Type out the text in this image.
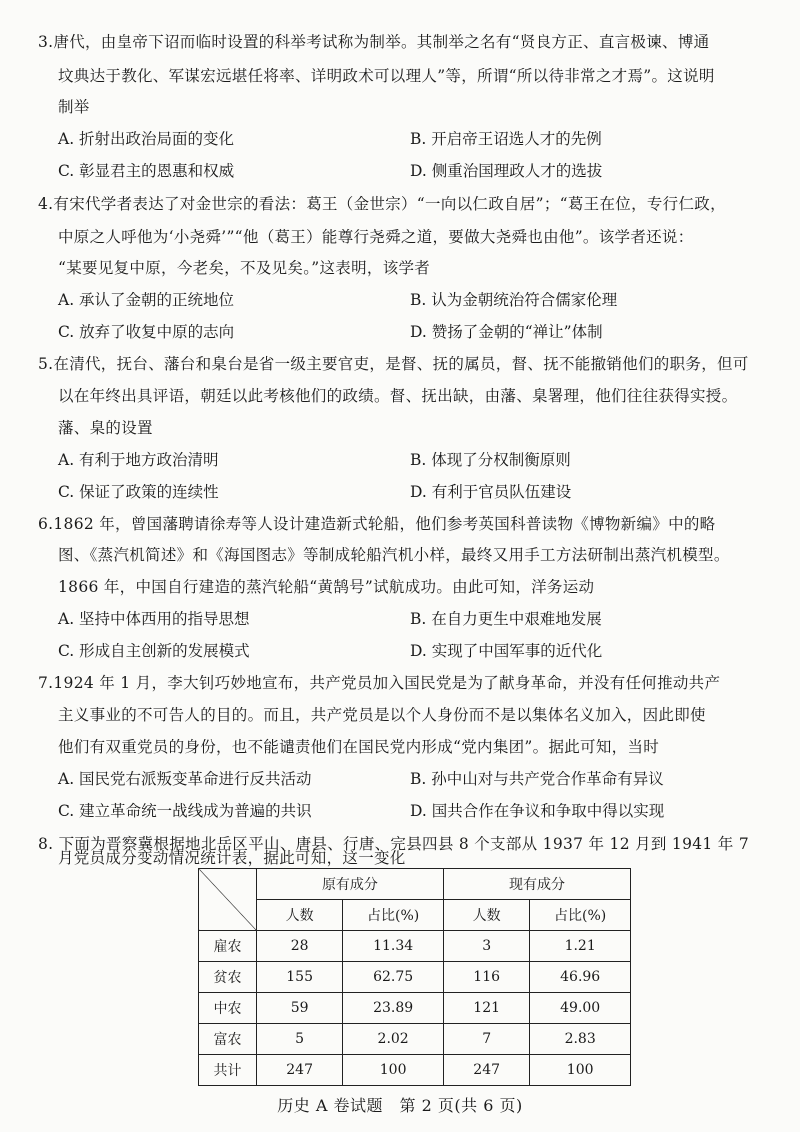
3.唐代，由皇帝下诏而临时设置的科举考试称为制举。其制举之名有“贤良方正、直言极谏、博通
坟典达于教化、军谋宏远堪任将率、详明政术可以理人”等，所谓“所以待非常之才焉”。这说明
制举
A. 折射出政治局面的变化	B. 开启帝王诏选人才的先例
C. 彰显君主的恩惠和权威	D. 侧重治国理政人才的选拔
4.有宋代学者表达了对金世宗的看法：葛王（金世宗）“一向以仁政自居”；“葛王在位，专行仁政，
中原之人呼他为‘小尧舜’”“他（葛王）能尊行尧舜之道，要做大尧舜也由他”。该学者还说：
“某要见复中原，今老矣，不及见矣。”这表明，该学者
A. 承认了金朝的正统地位	B. 认为金朝统治符合儒家伦理
C. 放弃了收复中原的志向	D. 赞扬了金朝的“禅让”体制
5.在清代，抚台、藩台和臬台是省一级主要官吏，是督、抚的属员，督、抚不能撤销他们的职务，但可
以在年终出具评语，朝廷以此考核他们的政绩。督、抚出缺，由藩、臬署理，他们往往获得实授。
藩、臬的设置
A. 有利于地方政治清明	B. 体现了分权制衡原则
C. 保证了政策的连续性	D. 有利于官员队伍建设
6.1862 年，曾国藩聘请徐寿等人设计建造新式轮船，他们参考英国科普读物《博物新编》中的略
图、《蒸汽机简述》和《海国图志》等制成轮船汽机小样，最终又用手工方法研制出蒸汽机模型。
1866 年，中国自行建造的蒸汽轮船“黄鹄号”试航成功。由此可知，洋务运动
A. 坚持中体西用的指导思想	B. 在自力更生中艰难地发展
C. 形成自主创新的发展模式	D. 实现了中国军事的近代化
7.1924 年 1 月，李大钊巧妙地宣布，共产党员加入国民党是为了献身革命，并没有任何推动共产
主义事业的不可告人的目的。而且，共产党员是以个人身份而不是以集体名义加入，因此即使
他们有双重党员的身份，也不能谴责他们在国民党内形成“党内集团”。据此可知，当时
A. 国民党右派叛变革命进行反共活动	B. 孙中山对与共产党合作革命有异议
C. 建立革命统一战线成为普遍的共识	D. 国共合作在争议和争取中得以实现
8. 下面为晋察冀根据地北岳区平山、唐县、行唐、完县四县 8 个支部从 1937 年 12 月到 1941 年 7
月党员成分变动情况统计表，据此可知，这一变化
	原有成分		现有成分	
	人数	占比(%)	人数	占比(%)
雇农	28	11.34	3	1.21
贫农	155	62.75	116	46.96
中农	59	23.89	121	49.00
富农	5	2.02	7	2.83
共计	247	100	247	100
历史 A 卷试题　第 2 页(共 6 页)
